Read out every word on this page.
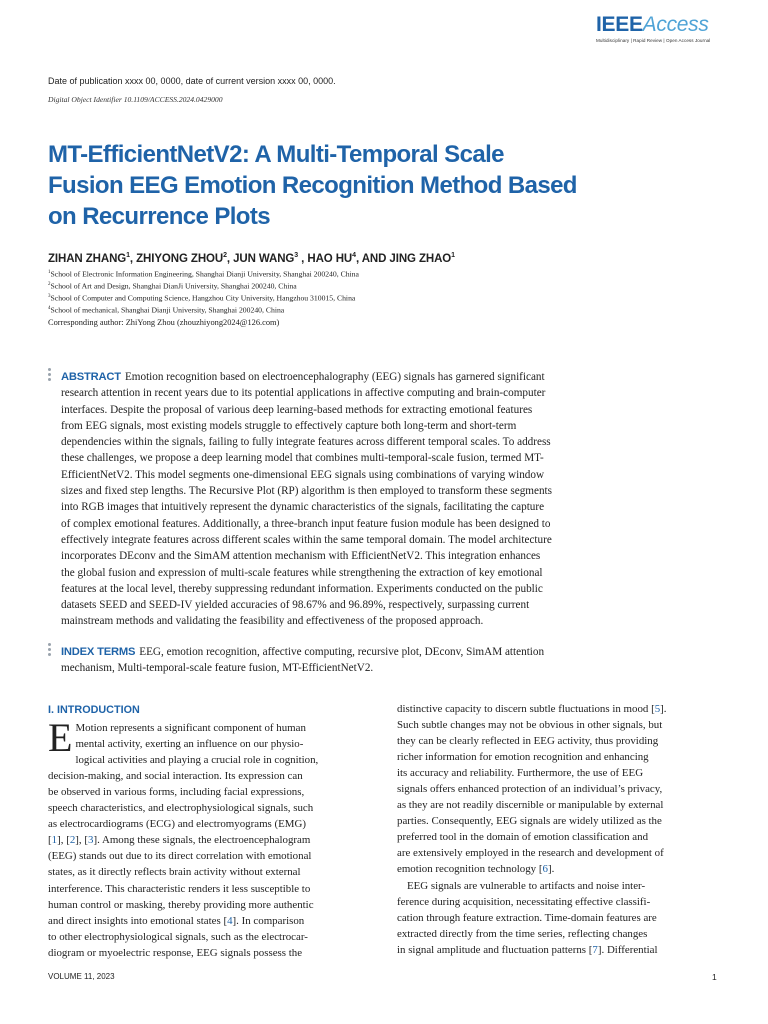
IEEEAccess
Multidisciplinary | Rapid Review | Open Access Journal
Date of publication xxxx 00, 0000, date of current version xxxx 00, 0000.
Digital Object Identifier 10.1109/ACCESS.2024.0429000
MT-EfficientNetV2: A Multi-Temporal Scale
Fusion EEG Emotion Recognition Method Based
on Recurrence Plots
ZIHAN ZHANG$^1$, ZHIYONG ZHOU$^2$, JUN WANG$^3$ , HAO $HU^4$, AND JING ZHAO$^1$
$^1$School of Electronic Information Engineering, Shanghai Dianji University, Shanghai 200240, China
$^2$School of Art and Design, Shanghai DianJi University, Shanghai 200240, China
$^3$School of Computer and Computing Science, Hangzhou City University, Hangzhou 310015, China
$^4$School of mechanical, Shanghai Dianji University, Shanghai 200240, China
Corresponding author: ZhiYong Zhou (zhouzhiyong2024@126.com)
ABSTRACT Emotion recognition based on electroencephalography (EEG) signals has garnered significant
research attention in recent years due to its potential applications in affective computing and brain-computer
interfaces. Despite the proposal of various deep learning-based methods for extracting emotional features
from EEG signals, most existing models struggle to effectively capture both long-term and short-term
dependencies within the signals, failing to fully integrate features across different temporal scales. To address
these challenges, we propose a deep learning model that combines multi-temporal-scale fusion, termed MT-
EfficientNetV2. This model segments one-dimensional EEG signals using combinations of varying window
sizes and fixed step lengths. The Recursive Plot (RP) algorithm is then employed to transform these segments
into RGB images that intuitively represent the dynamic characteristics of the signals, facilitating the capture
of complex emotional features. Additionally, a three-branch input feature fusion module has been designed to
effectively integrate features across different scales within the same temporal domain. The model architecture
incorporates DEconv and the SimAM attention mechanism with EfficientNetV2. This integration enhances
the global fusion and expression of multi-scale features while strengthening the extraction of key emotional
features at the local level, thereby suppressing redundant information. Experiments conducted on the public
datasets SEED and SEED-IV yielded accuracies of 98.67% and 96.89%, respectively, surpassing current
mainstream methods and validating the feasibility and effectiveness of the proposed approach.
INDEX TERMS EEG, emotion recognition, affective computing, recursive plot, DEconv, SimAM attention
mechanism, Multi-temporal-scale feature fusion, MT-EfficientNetV2.
I. INTRODUCTION
E Motion represents a significant component of human
mental activity, exerting an influence on our physio-
logical activities and playing a crucial role in cognition,
decision-making, and social interaction. Its expression can
be observed in various forms, including facial expressions,
speech characteristics, and electrophysiological signals, such
as electrocardiograms (ECG) and electromyograms (EMG)
[1], [2], [3]. Among these signals, the electroencephalogram
(EEG) stands out due to its direct correlation with emotional
states, as it directly reflects brain activity without external
interference. This characteristic renders it less susceptible to
human control or masking, thereby providing more authentic
and direct insights into emotional states [4]. In comparison
to other electrophysiological signals, such as the electrocar-
diogram or myoelectric response, EEG signals possess the
distinctive capacity to discern subtle fluctuations in mood [5].
Such subtle changes may not be obvious in other signals, but
they can be clearly reflected in EEG activity, thus providing
richer information for emotion recognition and enhancing
its accuracy and reliability. Furthermore, the use of EEG
signals offers enhanced protection of an individual’s privacy,
as they are not readily discernible or manipulable by external
parties. Consequently, EEG signals are widely utilized as the
preferred tool in the domain of emotion classification and
are extensively employed in the research and development of
emotion recognition technology [6].
EEG signals are vulnerable to artifacts and noise inter-
ference during acquisition, necessitating effective classifi-
cation through feature extraction. Time-domain features are
extracted directly from the time series, reflecting changes
in signal amplitude and fluctuation patterns [7]. Differential
VOLUME 11, 2023	1
